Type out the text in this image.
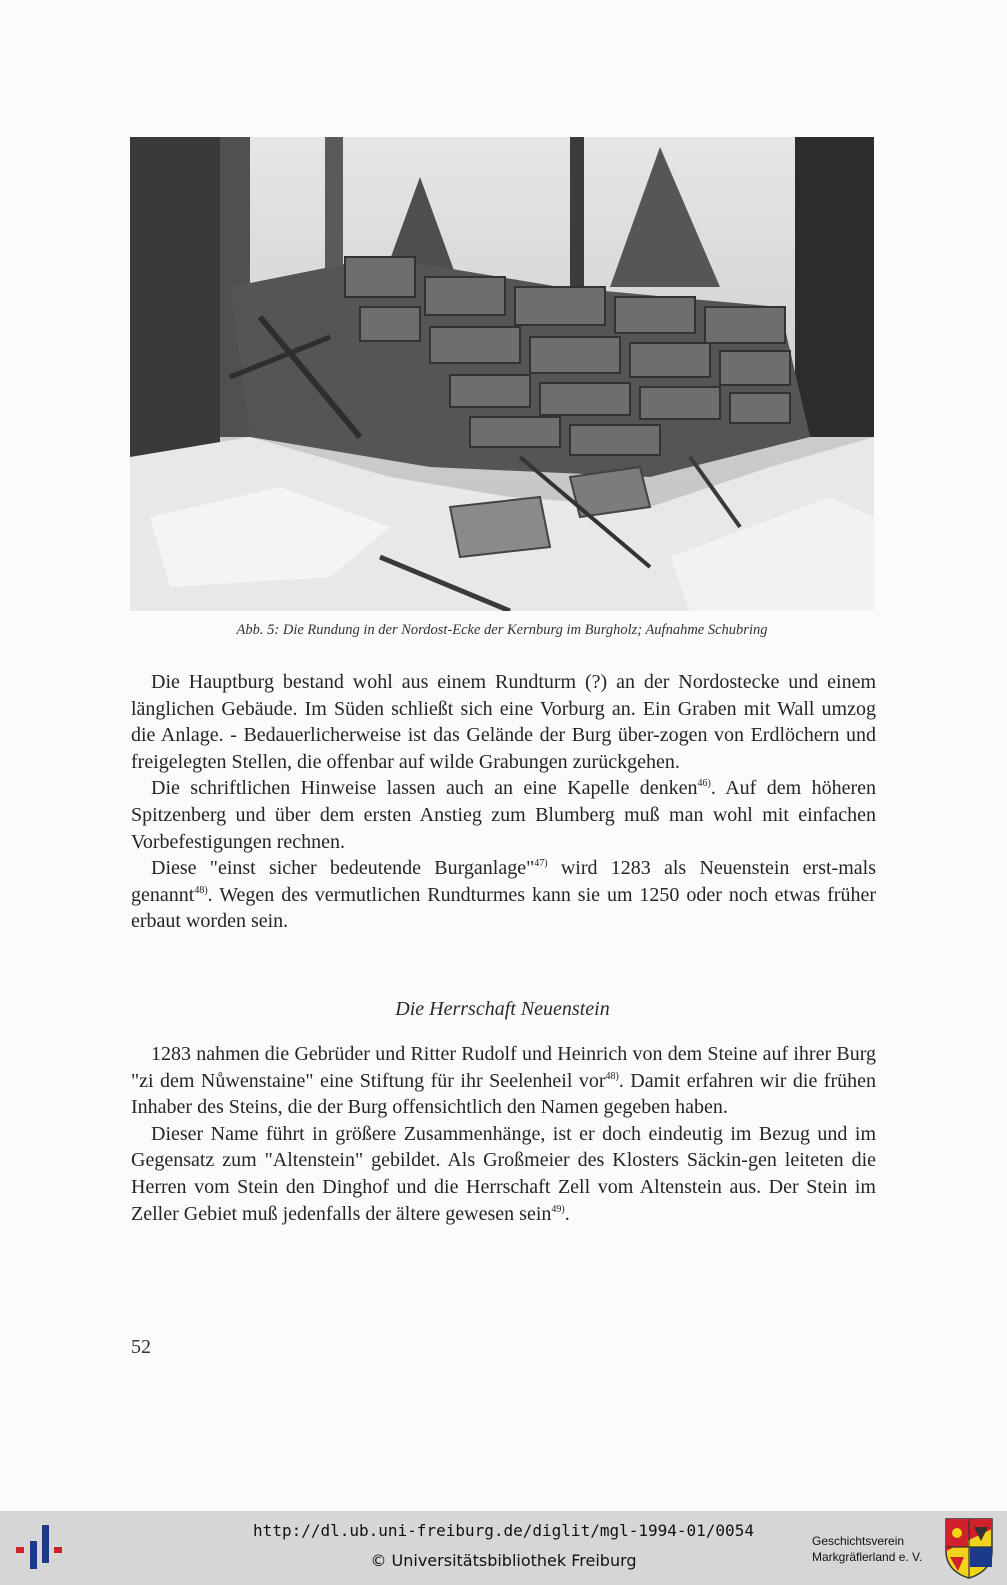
Abb. 5: Die Rundung in der Nordost-Ecke der Kernburg im Burgholz; Aufnahme Schubring

Die Hauptburg bestand wohl aus einem Rundturm (?) an der Nordostecke und einem länglichen Gebäude. Im Süden schließt sich eine Vorburg an. Ein Graben mit Wall umzog die Anlage. - Bedauerlicherweise ist das Gelände der Burg über-zogen von Erdlöchern und freigelegten Stellen, die offenbar auf wilde Grabungen zurückgehen.

Die schriftlichen Hinweise lassen auch an eine Kapelle denken$^{46)}$. Auf dem höheren Spitzenberg und über dem ersten Anstieg zum Blumberg muß man wohl mit einfachen Vorbefestigungen rechnen.

Diese "einst sicher bedeutende Burganlage"$^{47)}$ wird 1283 als Neuenstein erst-mals genannt$^{48)}$. Wegen des vermutlichen Rundturmes kann sie um 1250 oder noch etwas früher erbaut worden sein.

Die Herrschaft Neuenstein

1283 nahmen die Gebrüder und Ritter Rudolf und Heinrich von dem Steine auf ihrer Burg "zi dem Nůwenstaine" eine Stiftung für ihr Seelenheil vor$^{48)}$. Damit erfahren wir die frühen Inhaber des Steins, die der Burg offensichtlich den Namen gegeben haben.

Dieser Name führt in größere Zusammenhänge, ist er doch eindeutig im Bezug und im Gegensatz zum "Altenstein" gebildet. Als Großmeier des Klosters Säckin-gen leiteten die Herren vom Stein den Dinghof und die Herrschaft Zell vom Altenstein aus. Der Stein im Zeller Gebiet muß jedenfalls der ältere gewesen sein$^{49)}$.

52
http://dl.ub.uni-freiburg.de/diglit/mgl-1994-01/0054
© Universitätsbibliothek Freiburg
Geschichtsverein
Markgräflerland e. V.
